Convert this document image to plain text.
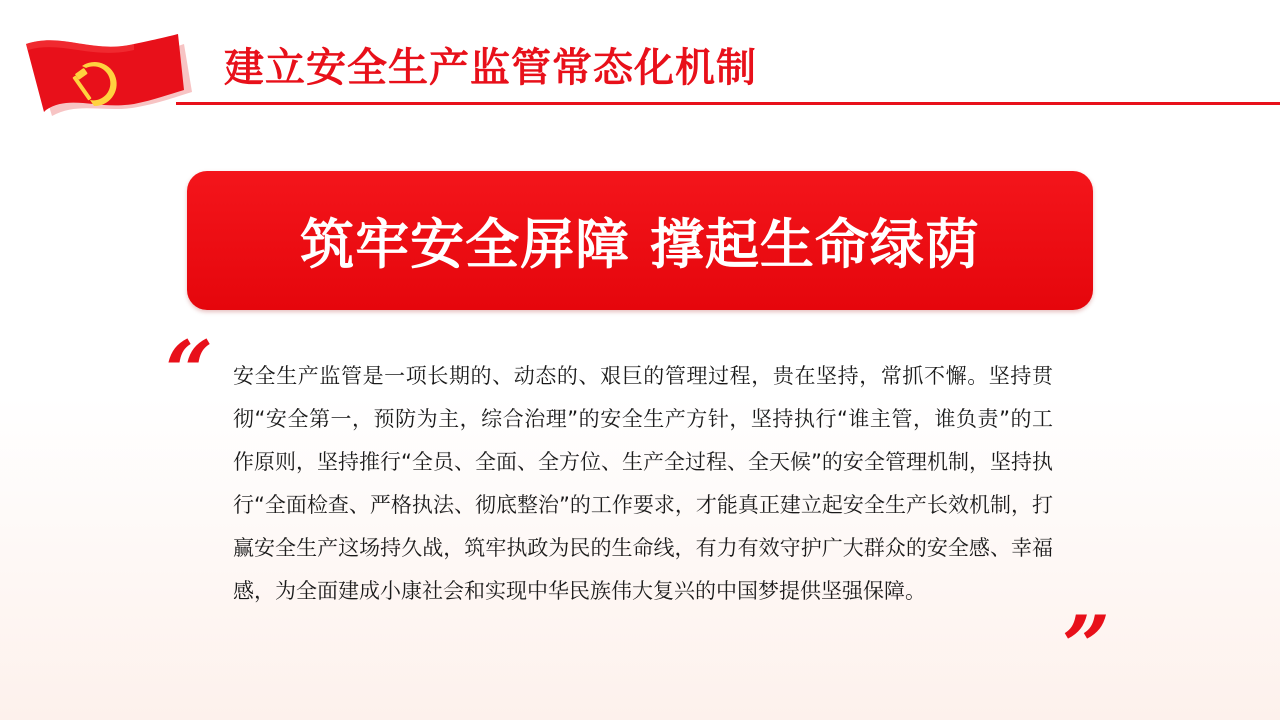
建立安全生产监管常态化机制
筑牢安全屏障 撑起生命绿荫
“ 安全生产监管是一项长期的、动态的、艰巨的管理过程，贵在坚持，常抓不懈。坚持贯彻“安全第一，预防为主，综合治理”的安全生产方针，坚持执行“谁主管，谁负责”的工作原则，坚持推行“全员、全面、全方位、生产全过程、全天候”的安全管理机制，坚持执行“全面检查、严格执法、彻底整治”的工作要求，才能真正建立起安全生产长效机制，打赢安全生产这场持久战，筑牢执政为民的生命线，有力有效守护广大群众的安全感、幸福感，为全面建成小康社会和实现中华民族伟大复兴的中国梦提供坚强保障。

”
